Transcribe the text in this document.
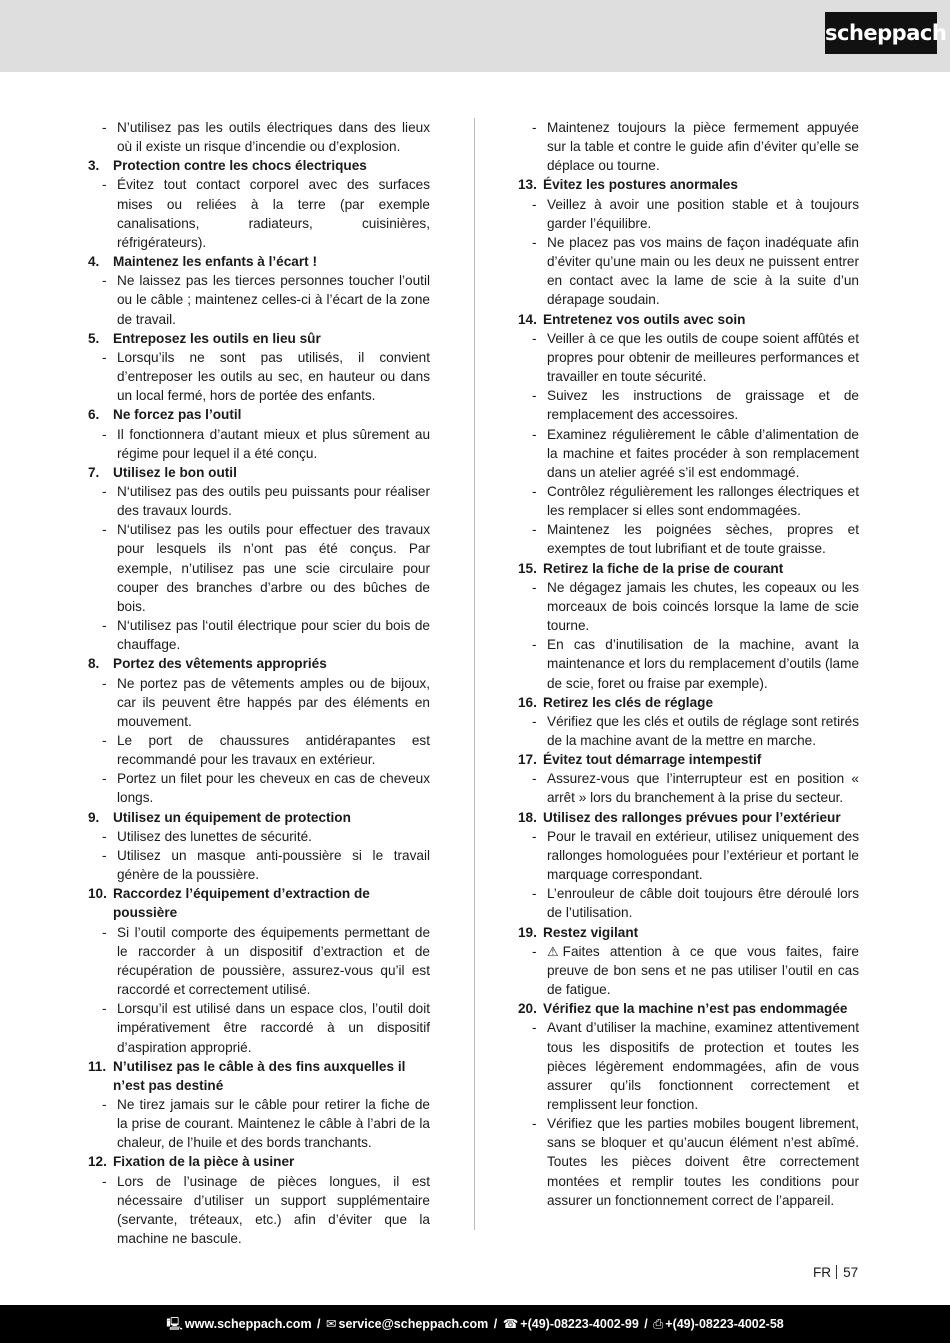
scheppach
- N’utilisez pas les outils électriques dans des lieux où il existe un risque d’incendie ou d’explosion.
3.	Protection contre les chocs électriques
- Évitez tout contact corporel avec des surfaces mises ou reliées à la terre (par exemple canalisations, radiateurs, cuisinières, réfrigérateurs).
4.	Maintenez les enfants à l’écart !
- Ne laissez pas les tierces personnes toucher l’outil ou le câble ; maintenez celles-ci à l’écart de la zone de travail.
5.	Entreposez les outils en lieu sûr
- Lorsqu’ils ne sont pas utilisés, il convient d’entreposer les outils au sec, en hauteur ou dans un local fermé, hors de portée des enfants.
6.	Ne forcez pas l’outil
- Il fonctionnera d’autant mieux et plus sûrement au régime pour lequel il a été conçu.
7.	Utilisez le bon outil
- N‘utilisez pas des outils peu puissants pour réaliser des travaux lourds.
- N‘utilisez pas les outils pour effectuer des travaux pour lesquels ils n’ont pas été conçus. Par exemple, n’utilisez pas une scie circulaire pour couper des branches d’arbre ou des bûches de bois.
- N‘utilisez pas l‘outil électrique pour scier du bois de chauffage.
8.	Portez des vêtements appropriés
- Ne portez pas de vêtements amples ou de bijoux, car ils peuvent être happés par des éléments en mouvement.
- Le port de chaussures antidérapantes est recommandé pour les travaux en extérieur.
- Portez un filet pour les cheveux en cas de cheveux longs.
9.	Utilisez un équipement de protection
- Utilisez des lunettes de sécurité.
- Utilisez un masque anti-poussière si le travail génère de la poussière.
10. Raccordez l’équipement d’extraction de poussière
- Si l’outil comporte des équipements permettant de le raccorder à un dispositif d’extraction et de récupération de poussière, assurez-vous qu’il est raccordé et correctement utilisé.
- Lorsqu’il est utilisé dans un espace clos, l’outil doit impérativement être raccordé à un dispositif d’aspiration approprié.
11. N’utilisez pas le câble à des fins auxquelles il n’est pas destiné
- Ne tirez jamais sur le câble pour retirer la fiche de la prise de courant. Maintenez le câble à l’abri de la chaleur, de l’huile et des bords tranchants.
12. Fixation de la pièce à usiner
- Lors de l’usinage de pièces longues, il est nécessaire d’utiliser un support supplémentaire (servante, tréteaux, etc.) afin d’éviter que la machine ne bascule.
- Maintenez toujours la pièce fermement appuyée sur la table et contre le guide afin d’éviter qu’elle se déplace ou tourne.
13. Évitez les postures anormales
- Veillez à avoir une position stable et à toujours garder l’équilibre.
- Ne placez pas vos mains de façon inadéquate afin d’éviter qu’une main ou les deux ne puissent entrer en contact avec la lame de scie à la suite d’un dérapage soudain.
14. Entretenez vos outils avec soin
- Veiller à ce que les outils de coupe soient affûtés et propres pour obtenir de meilleures performances et travailler en toute sécurité.
- Suivez les instructions de graissage et de remplacement des accessoires.
- Examinez régulièrement le câble d’alimentation de la machine et faites procéder à son remplacement dans un atelier agréé s’il est endommagé.
- Contrôlez régulièrement les rallonges électriques et les remplacer si elles sont endommagées.
- Maintenez les poignées sèches, propres et exemptes de tout lubrifiant et de toute graisse.
15. Retirez la fiche de la prise de courant
- Ne dégagez jamais les chutes, les copeaux ou les morceaux de bois coincés lorsque la lame de scie tourne.
- En cas d’inutilisation de la machine, avant la maintenance et lors du remplacement d’outils (lame de scie, foret ou fraise par exemple).
16. Retirez les clés de réglage
- Vérifiez que les clés et outils de réglage sont retirés de la machine avant de la mettre en marche.
17. Évitez tout démarrage intempestif
- Assurez-vous que l’interrupteur est en position « arrêt » lors du branchement à la prise du secteur.
18. Utilisez des rallonges prévues pour l’extérieur
- Pour le travail en extérieur, utilisez uniquement des rallonges homologuées pour l’extérieur et portant le marquage correspondant.
- L’enrouleur de câble doit toujours être déroulé lors de l’utilisation.
19. Restez vigilant
- ⚠ Faites attention à ce que vous faites, faire preuve de bon sens et ne pas utiliser l’outil en cas de fatigue.
20. Vérifiez que la machine n’est pas endommagée
- Avant d’utiliser la machine, examinez attentivement tous les dispositifs de protection et toutes les pièces légèrement endommagées, afin de vous assurer qu’ils fonctionnent correctement et remplissent leur fonction.
- Vérifiez que les parties mobiles bougent librement, sans se bloquer et qu’aucun élément n’est abîmé. Toutes les pièces doivent être correctement montées et remplir toutes les conditions pour assurer un fonctionnement correct de l’appareil.
FR 57
🖳 www.scheppach.com / ✉ service@scheppach.com / ☎ +(49)-08223-4002-99 / ⎙ +(49)-08223-4002-58
